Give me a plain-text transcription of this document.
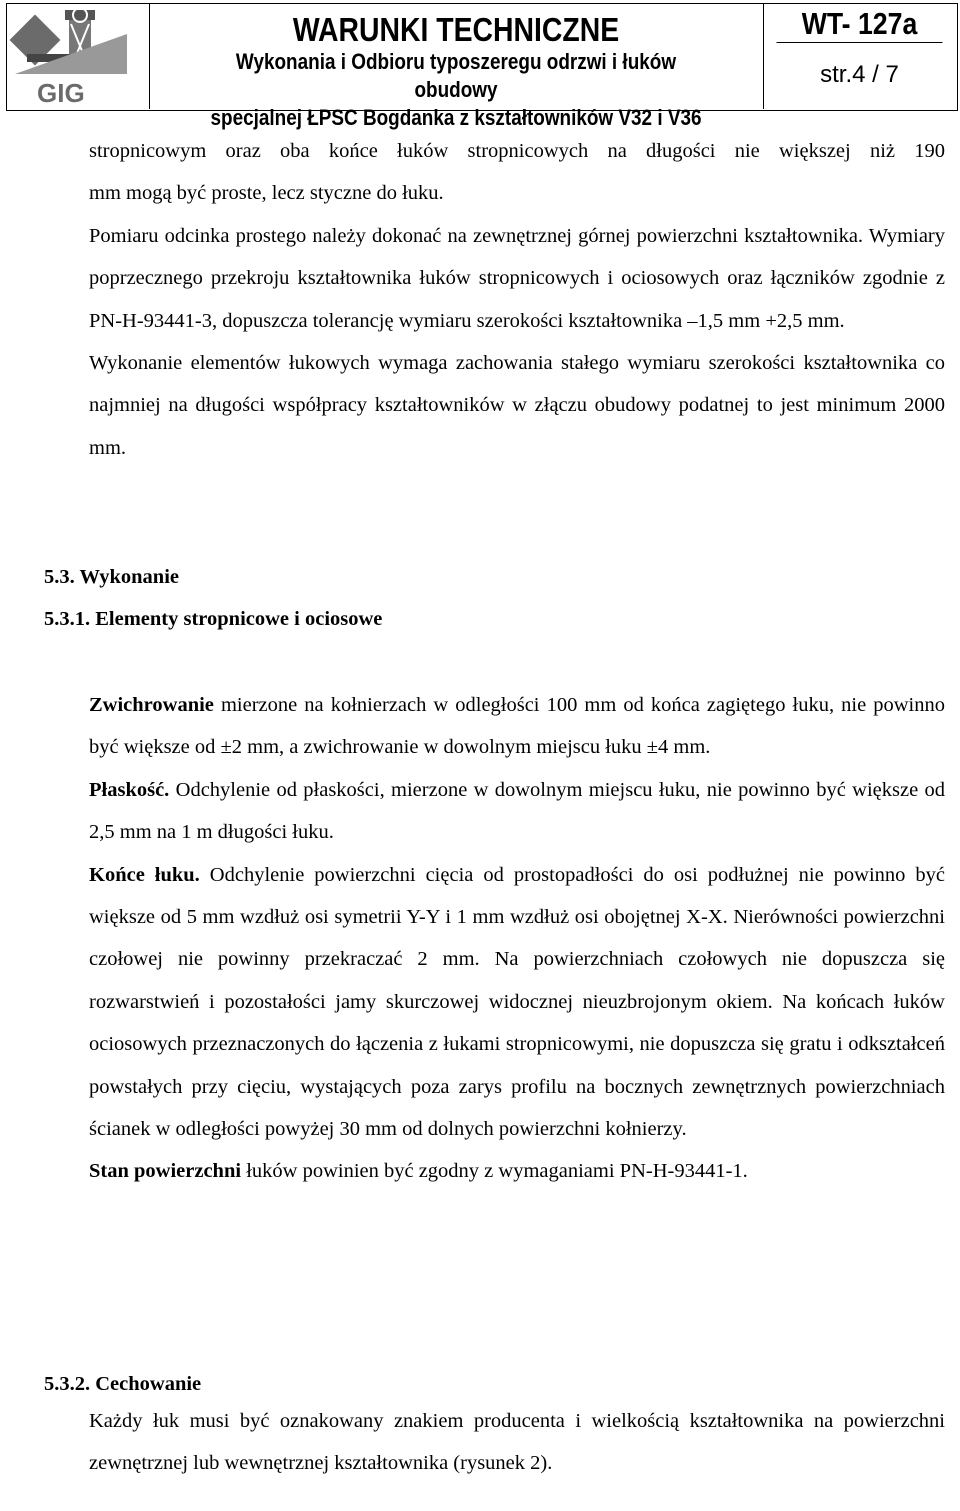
GIG
WARUNKI TECHNICZNE
Wykonania i Odbioru typoszeregu odrzwi i łuków obudowy
specjalnej ŁPSC Bogdanka z kształtowników V32 i V36
WT- 127a
str.4 / 7

stropnicowym oraz oba końce łuków stropnicowych na długości nie większej niż 190

mm mogą być proste, lecz styczne do łuku.

Pomiaru odcinka prostego należy dokonać na zewnętrznej górnej powierzchni kształtownika. Wymiary poprzecznego przekroju kształtownika łuków stropnicowych i ociosowych oraz łączników zgodnie z PN-H-93441-3, dopuszcza tolerancję wymiaru szerokości kształtownika –1,5 mm +2,5 mm.

Wykonanie elementów łukowych wymaga zachowania stałego wymiaru szerokości kształtownika co najmniej na długości współpracy kształtowników w złączu obudowy podatnej to jest minimum 2000 mm.

5.3. Wykonanie

5.3.1. Elementy stropnicowe i ociosowe

Zwichrowanie mierzone na kołnierzach w odległości 100 mm od końca zagiętego łuku, nie powinno być większe od ±2 mm, a zwichrowanie w dowolnym miejscu łuku ±4 mm.

Płaskość. Odchylenie od płaskości, mierzone w dowolnym miejscu łuku, nie powinno być większe od 2,5 mm na 1 m długości łuku.

Końce łuku. Odchylenie powierzchni cięcia od prostopadłości do osi podłużnej nie powinno być większe od 5 mm wzdłuż osi symetrii Y-Y i 1 mm wzdłuż osi obojętnej X-X. Nierówności powierzchni czołowej nie powinny przekraczać 2 mm. Na powierzchniach czołowych nie dopuszcza się rozwarstwień i pozostałości jamy skurczowej widocznej nieuzbrojonym okiem. Na końcach łuków ociosowych przeznaczonych do łączenia z łukami stropnicowymi, nie dopuszcza się gratu i odkształceń powstałych przy cięciu, wystających poza zarys profilu na bocznych zewnętrznych powierzchniach ścianek w odległości powyżej 30 mm od dolnych powierzchni kołnierzy.

Stan powierzchni łuków powinien być zgodny z wymaganiami PN-H-93441-1.

5.3.2. Cechowanie

Każdy łuk musi być oznakowany znakiem producenta i wielkością kształtownika na powierzchni zewnętrznej lub wewnętrznej kształtownika (rysunek 2).
